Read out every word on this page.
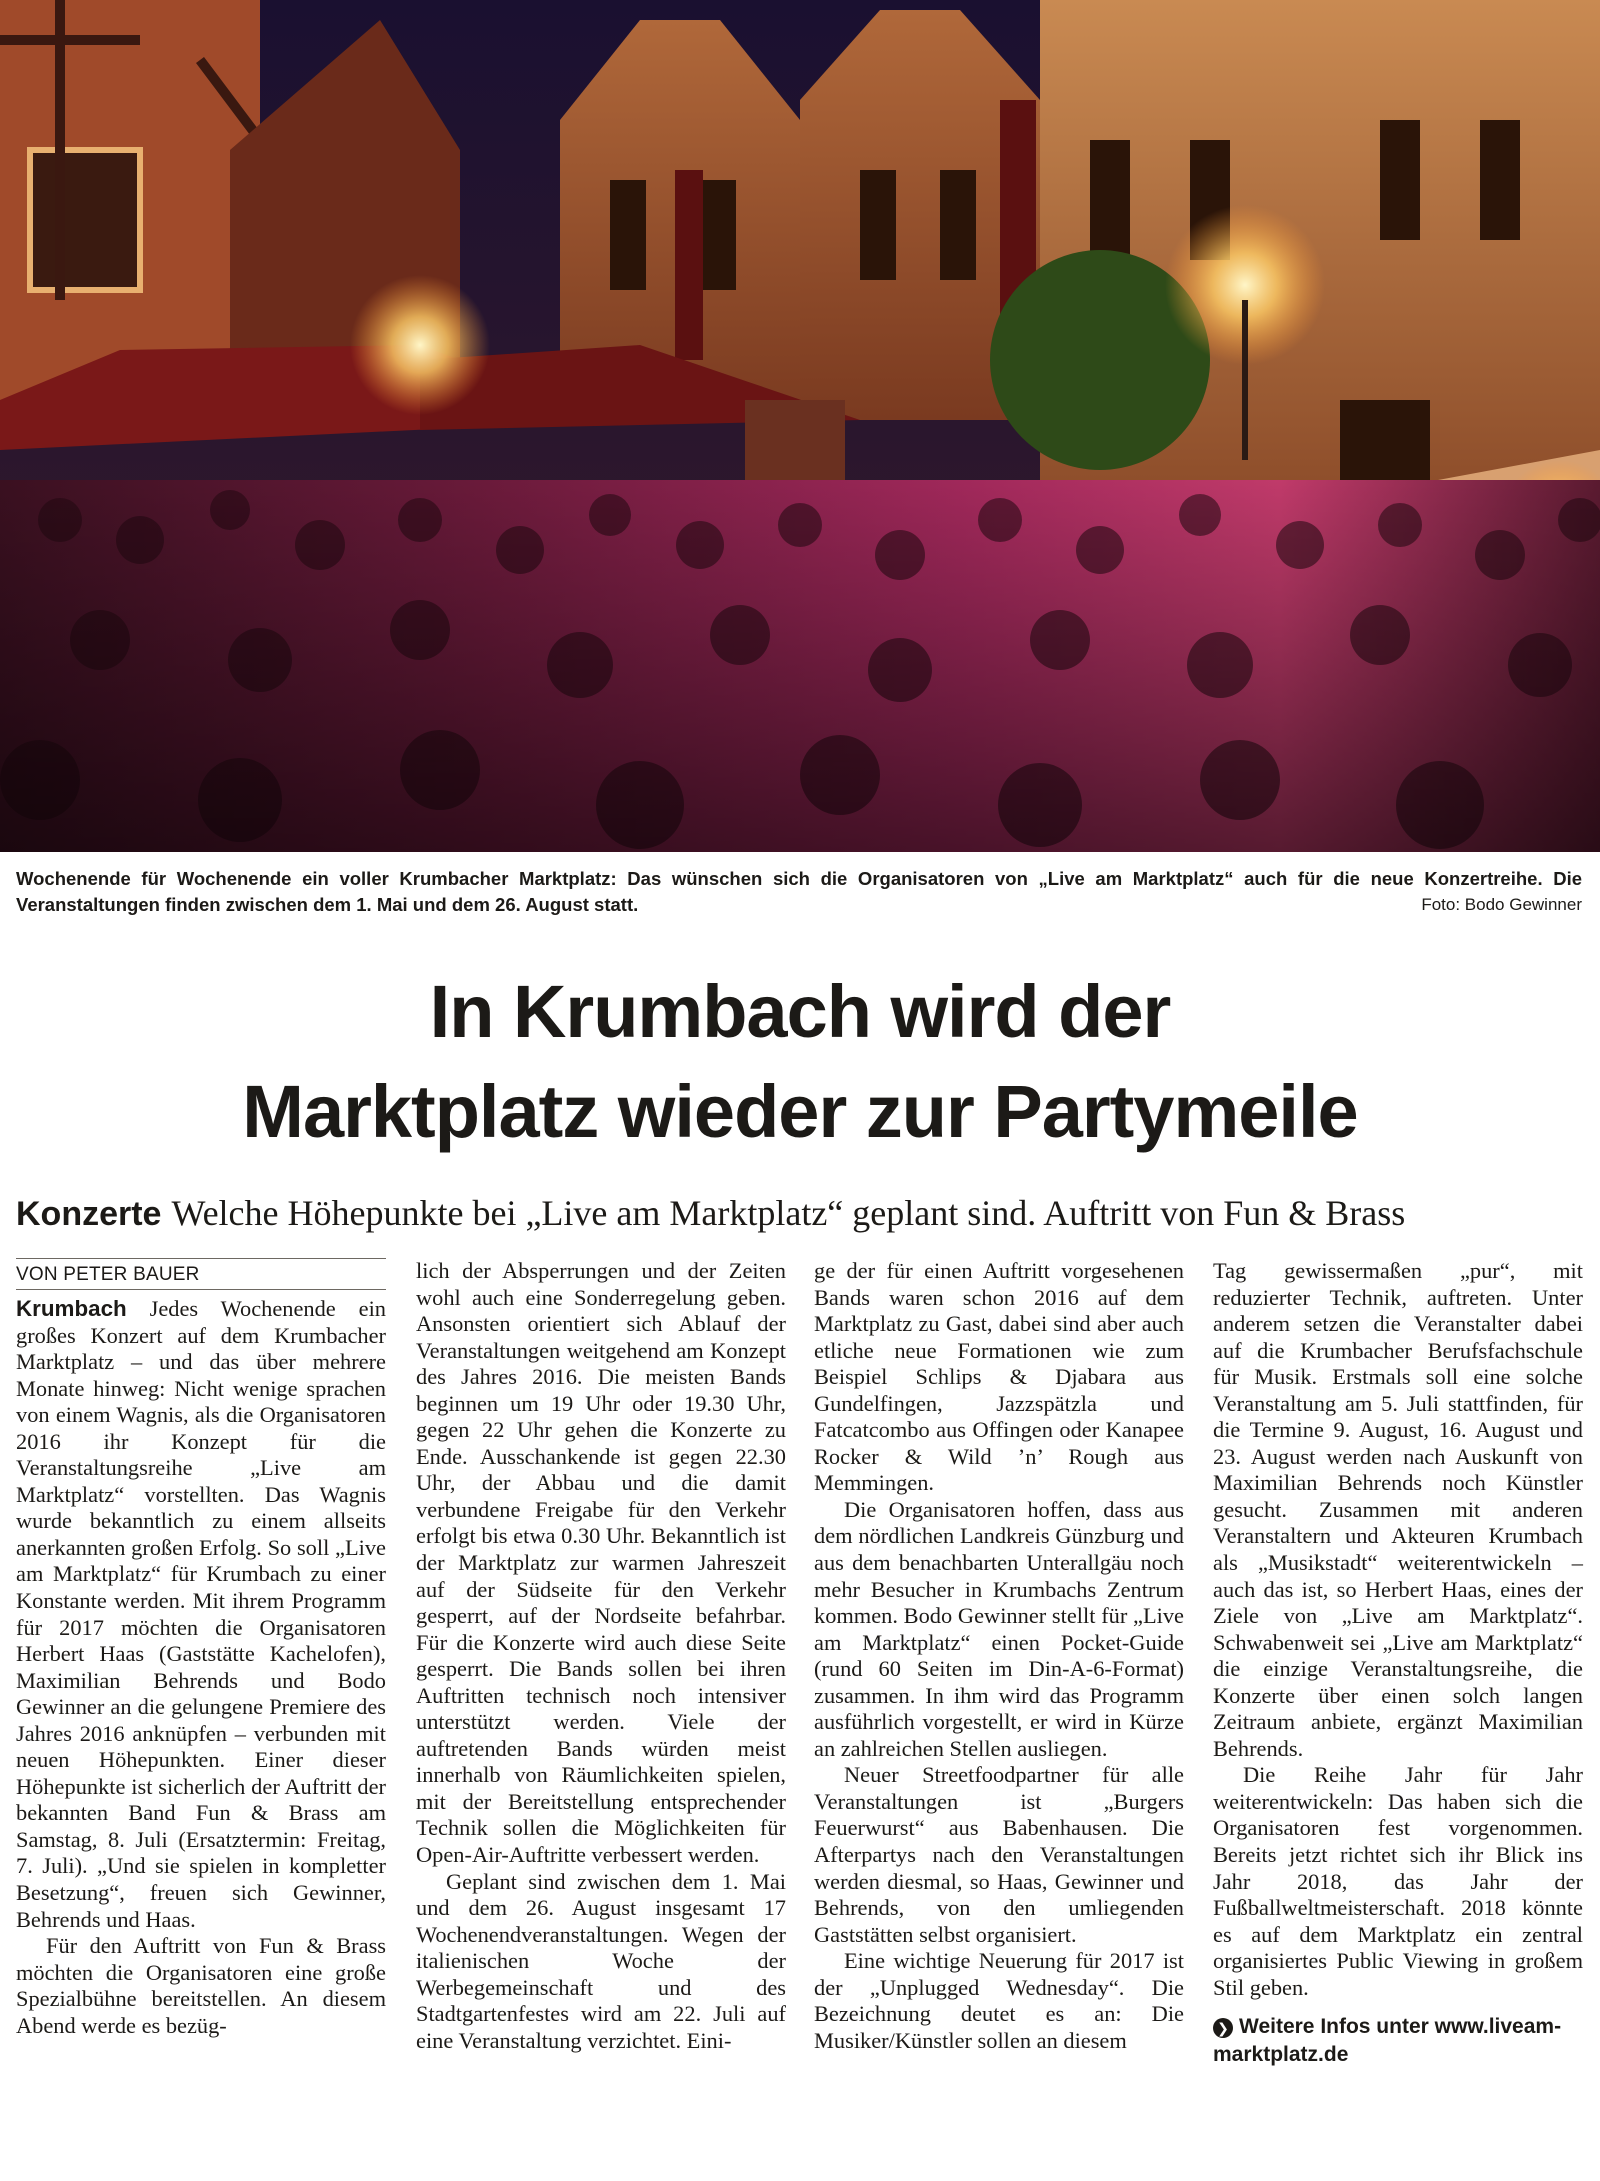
Wochenende für Wochenende ein voller Krumbacher Marktplatz: Das wünschen sich die Organisatoren von „Live am Marktplatz“ auch für die neue Konzertreihe. Die Veranstaltungen finden zwischen dem 1. Mai und dem 26. August statt.	Foto: Bodo Gewinner
In Krumbach wird der
Marktplatz wieder zur Partymeile
Konzerte Welche Höhepunkte bei „Live am Marktplatz“ geplant sind. Auftritt von Fun & Brass
VON PETER BAUER

Krumbach Jedes Wochenende ein großes Konzert auf dem Krumbacher Marktplatz – und das über mehrere Monate hinweg: Nicht wenige sprachen von einem Wagnis, als die Organisatoren 2016 ihr Konzept für die Veranstaltungsreihe „Live am Marktplatz“ vorstellten. Das Wagnis wurde bekanntlich zu einem allseits anerkannten großen Erfolg. So soll „Live am Marktplatz“ für Krumbach zu einer Konstante werden. Mit ihrem Programm für 2017 möchten die Organisatoren Herbert Haas (Gaststätte Kachelofen), Maximilian Behrends und Bodo Gewinner an die gelungene Premiere des Jahres 2016 anknüpfen – verbunden mit neuen Höhepunkten. Einer dieser Höhepunkte ist sicherlich der Auftritt der bekannten Band Fun & Brass am Samstag, 8. Juli (Ersatztermin: Freitag, 7. Juli). „Und sie spielen in kompletter Besetzung“, freuen sich Gewinner, Behrends und Haas.

Für den Auftritt von Fun & Brass möchten die Organisatoren eine große Spezialbühne bereitstellen. An diesem Abend werde es bezüg-

lich der Absperrungen und der Zeiten wohl auch eine Sonderregelung geben. Ansonsten orientiert sich Ablauf der Veranstaltungen weitgehend am Konzept des Jahres 2016. Die meisten Bands beginnen um 19 Uhr oder 19.30 Uhr, gegen 22 Uhr gehen die Konzerte zu Ende. Ausschankende ist gegen 22.30 Uhr, der Abbau und die damit verbundene Freigabe für den Verkehr erfolgt bis etwa 0.30 Uhr. Bekanntlich ist der Marktplatz zur warmen Jahreszeit auf der Südseite für den Verkehr gesperrt, auf der Nordseite befahrbar. Für die Konzerte wird auch diese Seite gesperrt. Die Bands sollen bei ihren Auftritten technisch noch intensiver unterstützt werden. Viele der auftretenden Bands würden meist innerhalb von Räumlichkeiten spielen, mit der Bereitstellung entsprechender Technik sollen die Möglichkeiten für Open-Air-Auftritte verbessert werden.

Geplant sind zwischen dem 1. Mai und dem 26. August insgesamt 17 Wochenendveranstaltungen. Wegen der italienischen Woche der Werbegemeinschaft und des Stadtgartenfestes wird am 22. Juli auf eine Veranstaltung verzichtet. Eini-

ge der für einen Auftritt vorgesehenen Bands waren schon 2016 auf dem Marktplatz zu Gast, dabei sind aber auch etliche neue Formationen wie zum Beispiel Schlips & Djabara aus Gundelfingen, Jazzspätzla und Fatcatcombo aus Offingen oder Kanapee Rocker & Wild ’n’ Rough aus Memmingen.

Die Organisatoren hoffen, dass aus dem nördlichen Landkreis Günzburg und aus dem benachbarten Unterallgäu noch mehr Besucher in Krumbachs Zentrum kommen. Bodo Gewinner stellt für „Live am Marktplatz“ einen Pocket-Guide (rund 60 Seiten im Din-A-6-Format) zusammen. In ihm wird das Programm ausführlich vorgestellt, er wird in Kürze an zahlreichen Stellen ausliegen.

Neuer Streetfoodpartner für alle Veranstaltungen ist „Burgers Feuerwurst“ aus Babenhausen. Die Afterpartys nach den Veranstaltungen werden diesmal, so Haas, Gewinner und Behrends, von den umliegenden Gaststätten selbst organisiert.

Eine wichtige Neuerung für 2017 ist der „Unplugged Wednesday“. Die Bezeichnung deutet es an: Die Musiker/Künstler sollen an diesem

Tag gewissermaßen „pur“, mit reduzierter Technik, auftreten. Unter anderem setzen die Veranstalter dabei auf die Krumbacher Berufsfachschule für Musik. Erstmals soll eine solche Veranstaltung am 5. Juli stattfinden, für die Termine 9. August, 16. August und 23. August werden nach Auskunft von Maximilian Behrends noch Künstler gesucht. Zusammen mit anderen Veranstaltern und Akteuren Krumbach als „Musikstadt“ weiterentwickeln – auch das ist, so Herbert Haas, eines der Ziele von „Live am Marktplatz“. Schwabenweit sei „Live am Marktplatz“ die einzige Veranstaltungsreihe, die Konzerte über einen solch langen Zeitraum anbiete, ergänzt Maximilian Behrends.

Die Reihe Jahr für Jahr weiterentwickeln: Das haben sich die Organisatoren fest vorgenommen. Bereits jetzt richtet sich ihr Blick ins Jahr 2018, das Jahr der Fußballweltmeisterschaft. 2018 könnte es auf dem Marktplatz ein zentral organisiertes Public Viewing in großem Stil geben.

❯ Weitere Infos unter www.liveam-marktplatz.de
